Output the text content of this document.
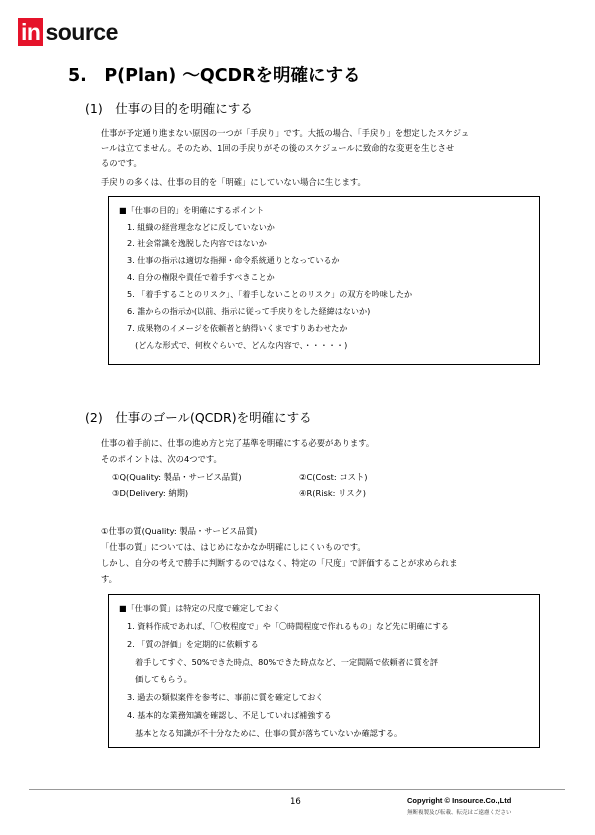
in source
5.　P(Plan) ～QCDRを明確にする
(1)　仕事の目的を明確にする
仕事が予定通り進まない原因の一つが「手戻り」です。大抵の場合、「手戻り」を想定したスケジュ
ールは立てません。そのため、1回の手戻りがその後のスケジュールに致命的な変更を生じさせ
るのです。
手戻りの多くは、仕事の目的を「明確」にしていない場合に生じます。
■「仕事の目的」を明確にするポイント
1. 組織の経営理念などに反していないか
2. 社会常識を逸脱した内容ではないか
3. 仕事の指示は適切な指揮・命令系統通りとなっているか
4. 自分の権限や責任で着手すべきことか
5. 「着手することのリスク」、「着手しないことのリスク」の双方を吟味したか
6. 誰からの指示か(以前、指示に従って手戻りをした経緯はないか)
7. 成果物のイメージを依頼者と納得いくまですりあわせたか
　(どんな形式で、何枚ぐらいで、どんな内容で、・・・・・)
(2)　仕事のゴール(QCDR)を明確にする
仕事の着手前に、仕事の進め方と完了基準を明確にする必要があります。
そのポイントは、次の4つです。
①Q(Quality: 製品・サービス品質)	②C(Cost: コスト)
③D(Delivery: 納期)	④R(Risk: リスク)
①仕事の質(Quality: 製品・サービス品質)
「仕事の質」については、はじめになかなか明確にしにくいものです。
しかし、自分の考えで勝手に判断するのではなく、特定の「尺度」で評価することが求められま
す。
■「仕事の質」は特定の尺度で確定しておく
1. 資料作成であれば、「〇枚程度で」や「〇時間程度で作れるもの」など先に明確にする
2. 「質の評価」を定期的に依頼する
　着手してすぐ、50%できた時点、80%できた時点など、一定間隔で依頼者に質を評
　価してもらう。
3. 過去の類似案件を参考に、事前に質を確定しておく
4. 基本的な業務知識を確認し、不足していれば補強する
　基本となる知識が不十分なために、仕事の質が落ちていないか確認する。
16	Copyright © Insource.Co.,Ltd
無断複製及び転載、転売はご遠慮ください
